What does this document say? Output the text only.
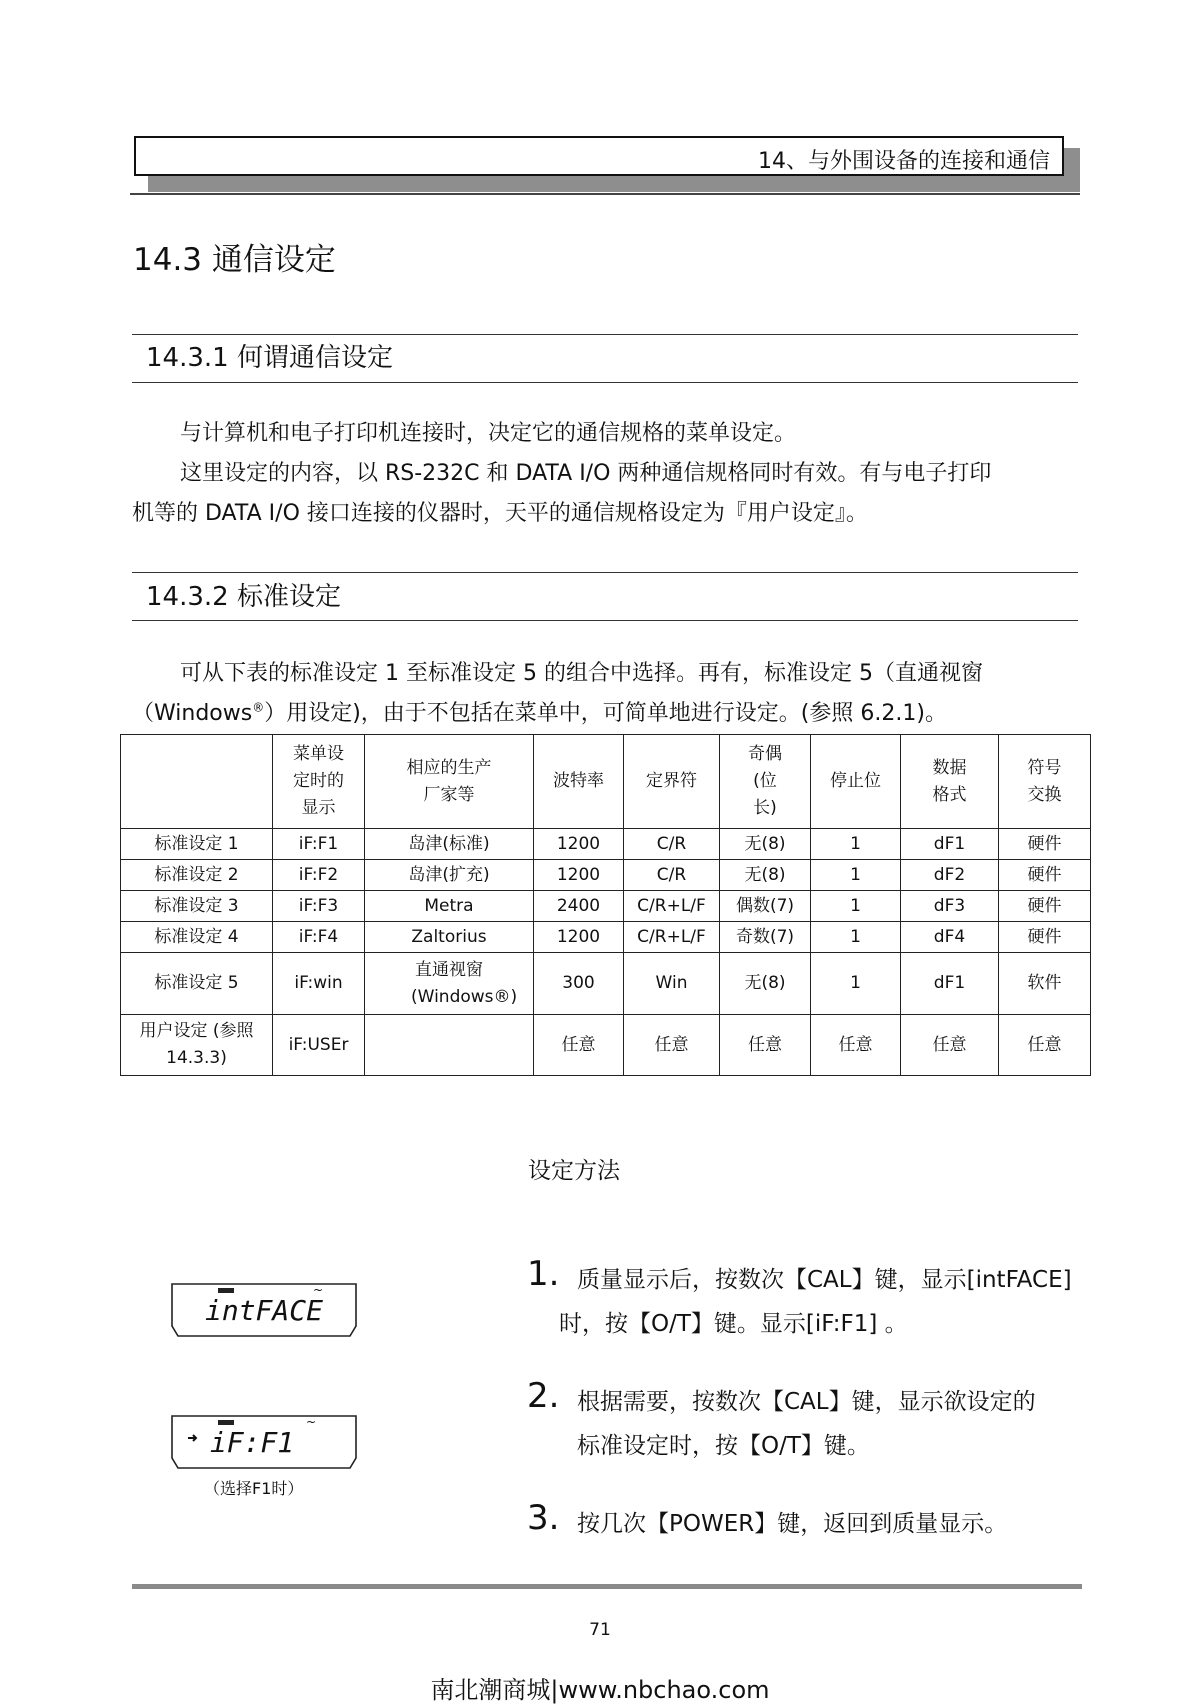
14、与外围设备的连接和通信
14.3 通信设定
14.3.1 何谓通信设定
与计算机和电子打印机连接时，决定它的通信规格的菜单设定。
这里设定的内容，以 RS-232C 和 DATA I/O 两种通信规格同时有效。有与电子打印
机等的 DATA I/O 接口连接的仪器时，天平的通信规格设定为『用户设定』。
14.3.2 标准设定
可从下表的标准设定 1 至标准设定 5 的组合中选择。再有，标准设定 5（直通视窗
（Windows®）用设定)，由于不包括在菜单中，可简单地进行设定。(参照 6.2.1)。
	菜单设定时的显示	相应的生产厂家等	波特率	定界符	奇偶(位长)	停止位	数据格式	符号交换
标准设定 1	iF:F1	岛津(标准)	1200	C/R	无(8)	1	dF1	硬件
标准设定 2	iF:F2	岛津(扩充)	1200	C/R	无(8)	1	dF2	硬件
标准设定 3	iF:F3	Metra	2400	C/R+L/F	偶数(7)	1	dF3	硬件
标准设定 4	iF:F4	Zaltorius	1200	C/R+L/F	奇数(7)	1	dF4	硬件
标准设定 5	iF:win	直通视窗 (Windows®)	300	Win	无(8)	1	dF1	软件
用户设定 (参照 14.3.3)	iF:USEr		任意	任意	任意	任意	任意	任意
设定方法
1. 质量显示后，按数次【CAL】键，显示[intFACE]
时，按【O/T】键。显示[iF:F1] 。
2. 根据需要，按数次【CAL】键，显示欲设定的
标准设定时，按【O/T】键。
3. 按几次【POWER】键，返回到质量显示。
MENU
intFACE
~
MENU
iF:F1
~
（选择F1时）
71
南北潮商城|www.nbchao.com
